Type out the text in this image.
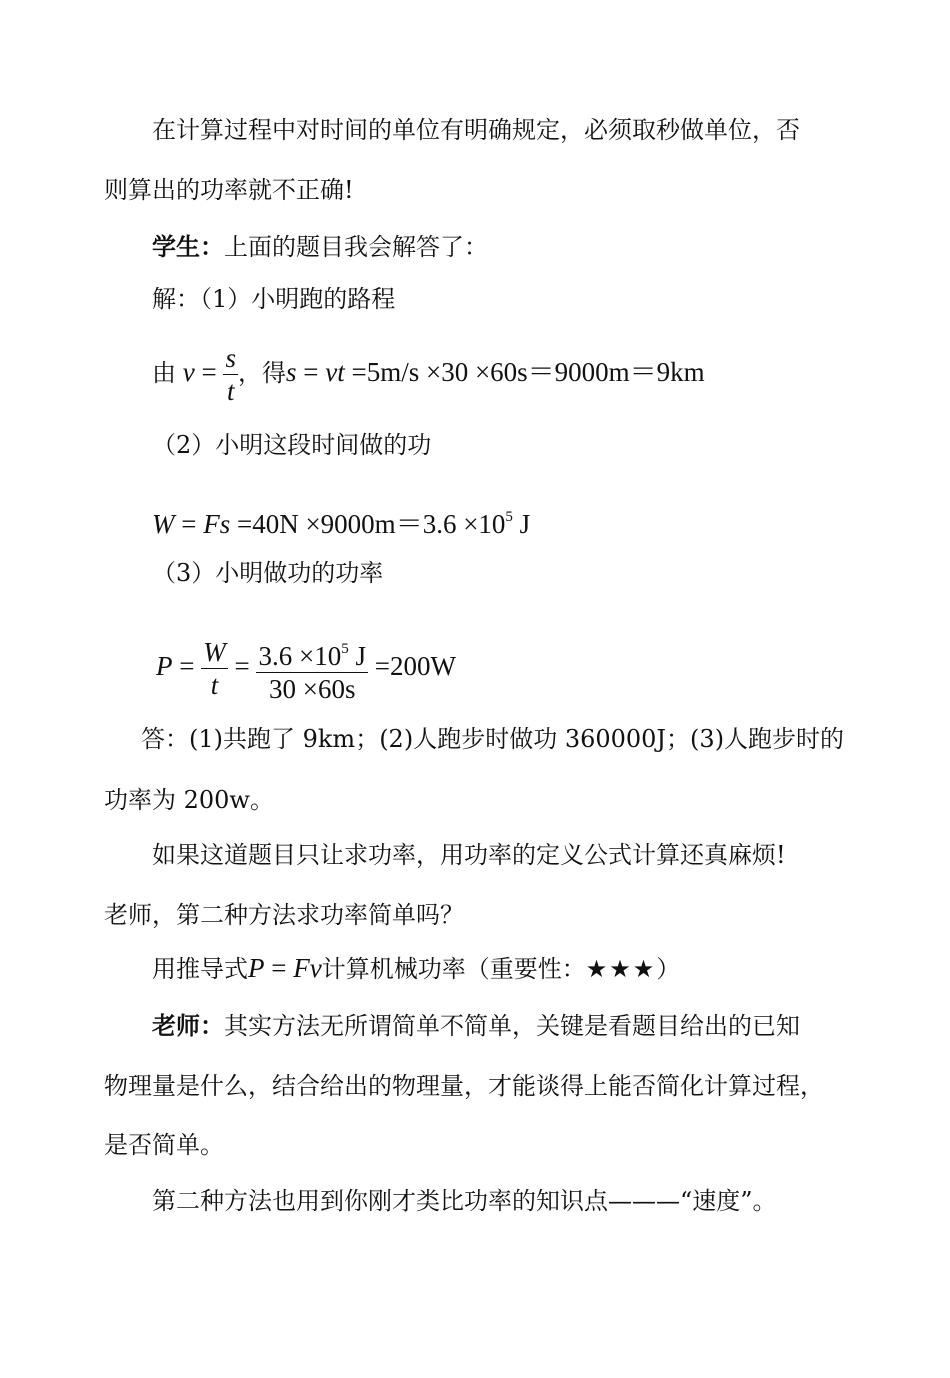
在计算过程中对时间的单位有明确规定，必须取秒做单位，否
则算出的功率就不正确!
学生：上面的题目我会解答了：
解：（1）小明跑的路程
由 $v = \frac{s}{t}$ ，得s = vt =5m/s ×30 ×60s＝9000m＝9km
（2）小明这段时间做的功
$W = Fs =40N \times 9000m=3.6 \times 10^5$ J
（3）小明做功的功率
$P = \frac{W}{t} = \frac{3.6 \times 10^5 J}{30 \times 60s} =200W$
答：(1)共跑了 9km；(2)人跑步时做功 360000J；(3)人跑步时的
功率为 200w。
如果这道题目只让求功率，用功率的定义公式计算还真麻烦!
老师，第二种方法求功率简单吗？
用推导式P = Fv计算机械功率（重要性：★★★）
老师：其实方法无所谓简单不简单，关键是看题目给出的已知
物理量是什么，结合给出的物理量，才能谈得上能否简化计算过程，
是否简单。
第二种方法也用到你刚才类比功率的知识点———“速度”。
